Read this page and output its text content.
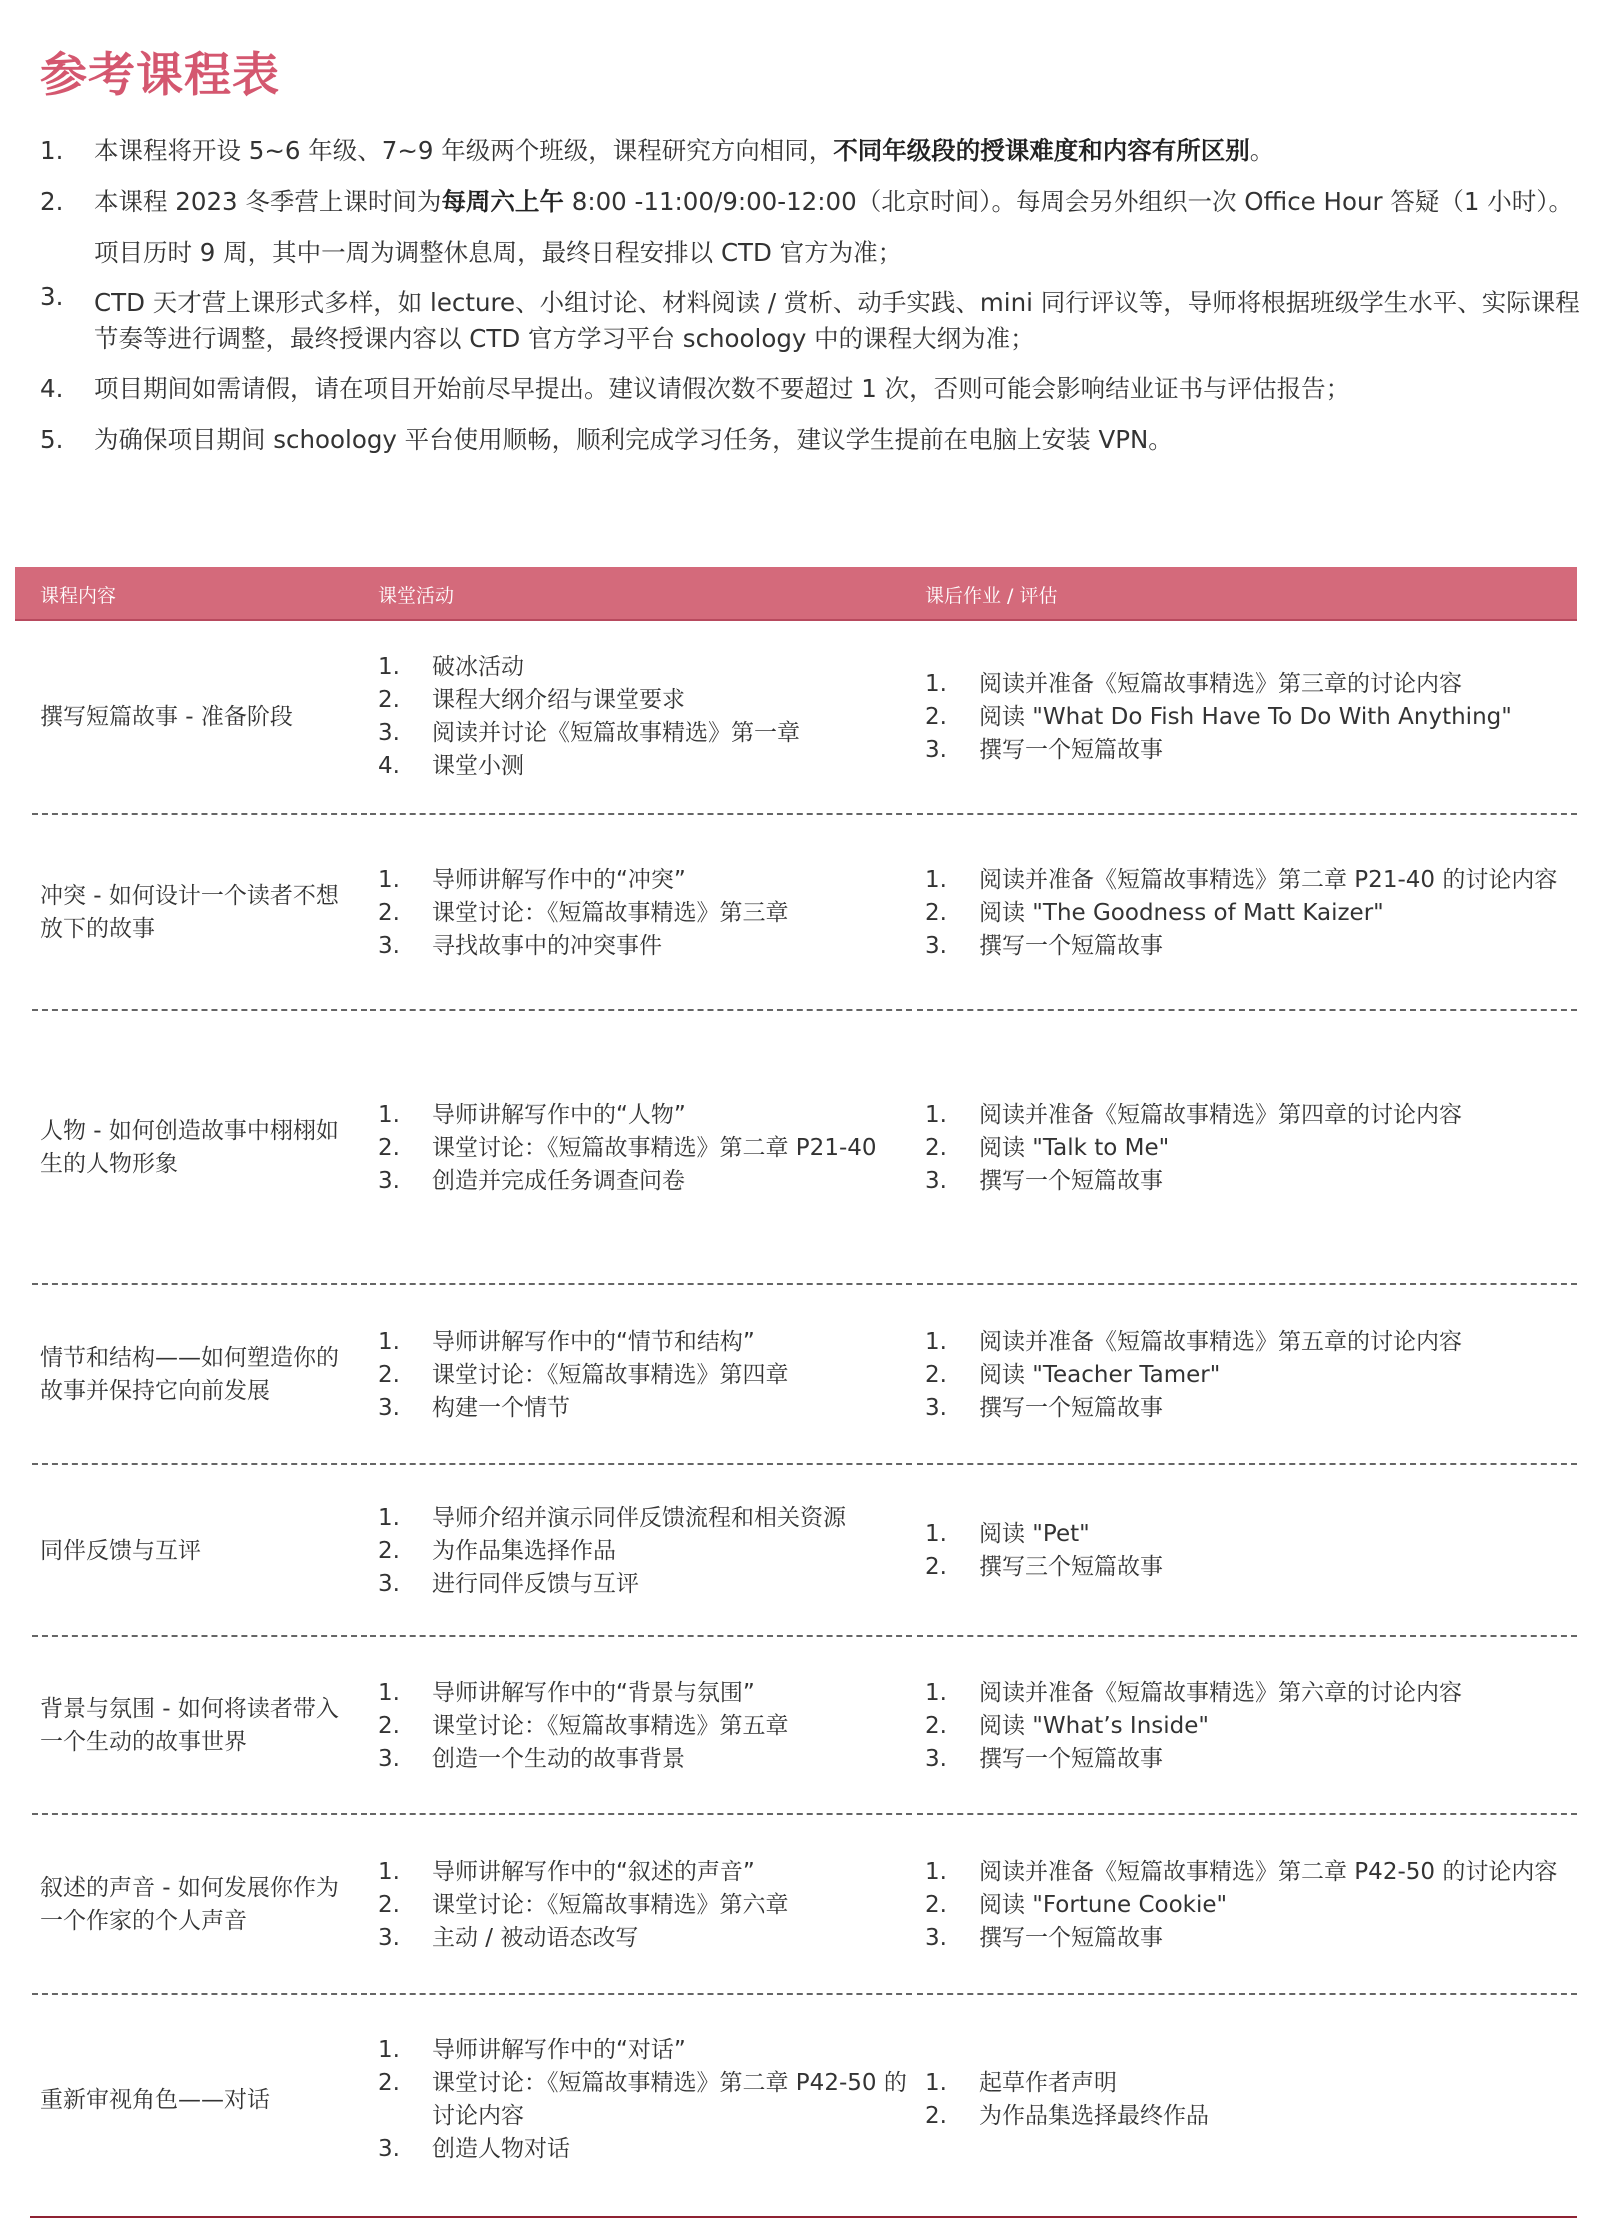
参考课程表
1.	本课程将开设 5~6 年级、7~9 年级两个班级，课程研究方向相同，不同年级段的授课难度和内容有所区别。
2.	本课程 2023 冬季营上课时间为每周六上午 8:00 -11:00/9:00-12:00（北京时间）。每周会另外组织一次 Office Hour 答疑（1 小时）。项目历时 9 周，其中一周为调整休息周，最终日程安排以 CTD 官方为准；
3.	CTD 天才营上课形式多样，如 lecture、小组讨论、材料阅读 / 赏析、动手实践、mini 同行评议等，导师将根据班级学生水平、实际课程节奏等进行调整，最终授课内容以 CTD 官方学习平台 schoology 中的课程大纲为准；
4.	项目期间如需请假，请在项目开始前尽早提出。建议请假次数不要超过 1 次，否则可能会影响结业证书与评估报告；
5.	为确保项目期间 schoology 平台使用顺畅，顺利完成学习任务，建议学生提前在电脑上安装 VPN。
课程内容	课堂活动	课后作业 / 评估
撰写短篇故事 - 准备阶段
1.	破冰活动
2.	课程大纲介绍与课堂要求
3.	阅读并讨论《短篇故事精选》第一章
4.	课堂小测
1.	阅读并准备《短篇故事精选》第三章的讨论内容
2.	阅读 "What Do Fish Have To Do With Anything"
3.	撰写一个短篇故事
冲突 - 如何设计一个读者不想放下的故事
1.	导师讲解写作中的“冲突”
2.	课堂讨论：《短篇故事精选》第三章
3.	寻找故事中的冲突事件
1.	阅读并准备《短篇故事精选》第二章 P21-40 的讨论内容
2.	阅读 "The Goodness of Matt Kaizer"
3.	撰写一个短篇故事
人物 - 如何创造故事中栩栩如生的人物形象
1.	导师讲解写作中的“人物”
2.	课堂讨论：《短篇故事精选》第二章 P21-40
3.	创造并完成任务调查问卷
1.	阅读并准备《短篇故事精选》第四章的讨论内容
2.	阅读 "Talk to Me"
3.	撰写一个短篇故事
情节和结构——如何塑造你的故事并保持它向前发展
1.	导师讲解写作中的“情节和结构”
2.	课堂讨论：《短篇故事精选》第四章
3.	构建一个情节
1.	阅读并准备《短篇故事精选》第五章的讨论内容
2.	阅读 "Teacher Tamer"
3.	撰写一个短篇故事
同伴反馈与互评
1.	导师介绍并演示同伴反馈流程和相关资源
2.	为作品集选择作品
3.	进行同伴反馈与互评
1.	阅读 "Pet"
2.	撰写三个短篇故事
背景与氛围 - 如何将读者带入一个生动的故事世界
1.	导师讲解写作中的“背景与氛围”
2.	课堂讨论：《短篇故事精选》第五章
3.	创造一个生动的故事背景
1.	阅读并准备《短篇故事精选》第六章的讨论内容
2.	阅读 "What’s Inside"
3.	撰写一个短篇故事
叙述的声音 - 如何发展你作为一个作家的个人声音
1.	导师讲解写作中的“叙述的声音”
2.	课堂讨论：《短篇故事精选》第六章
3.	主动 / 被动语态改写
1.	阅读并准备《短篇故事精选》第二章 P42-50 的讨论内容
2.	阅读 "Fortune Cookie"
3.	撰写一个短篇故事
重新审视角色——对话
1.	导师讲解写作中的“对话”
2.	课堂讨论：《短篇故事精选》第二章 P42-50 的讨论内容
3.	创造人物对话
1.	起草作者声明
2.	为作品集选择最终作品
